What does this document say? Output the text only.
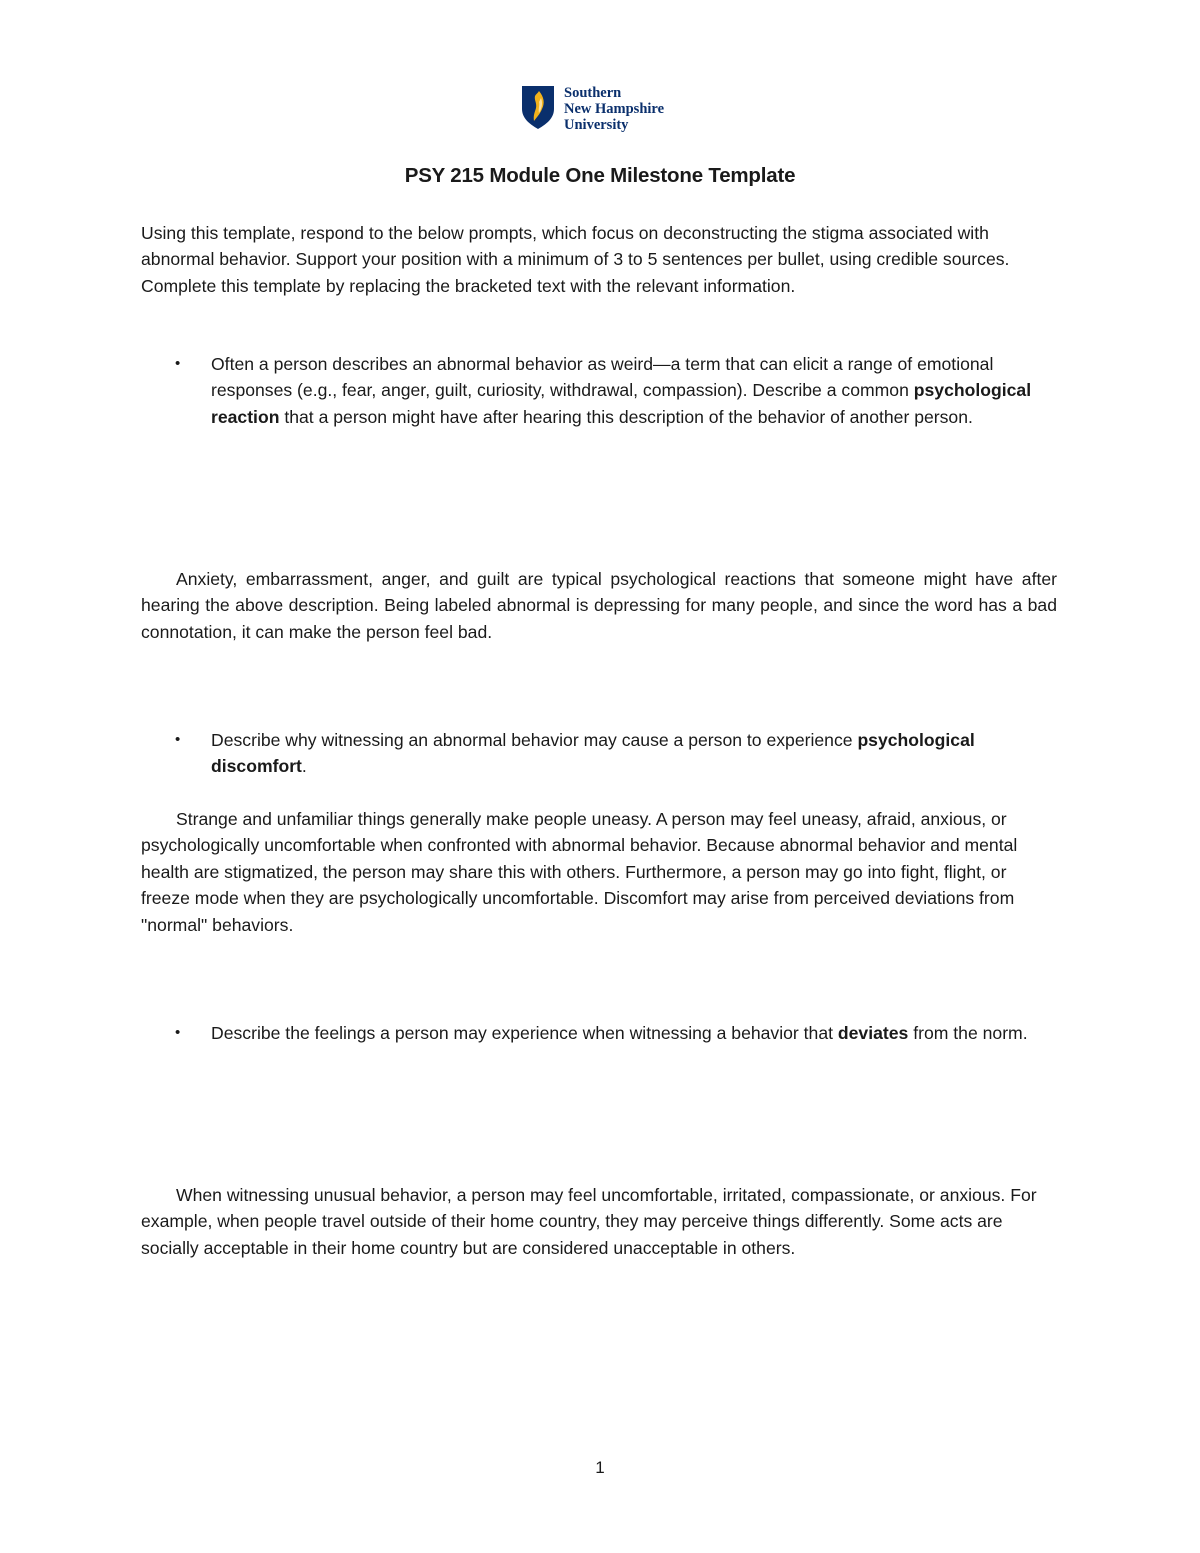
Southern
New Hampshire
University
PSY 215 Module One Milestone Template

Using this template, respond to the below prompts, which focus on deconstructing the stigma associated with abnormal behavior. Support your position with a minimum of 3 to 5 sentences per bullet, using credible sources. Complete this template by replacing the bracketed text with the relevant information.

•	Often a person describes an abnormal behavior as weird—a term that can elicit a range of emotional responses (e.g., fear, anger, guilt, curiosity, withdrawal, compassion). Describe a common psychological reaction that a person might have after hearing this description of the behavior of another person.

Anxiety, embarrassment, anger, and guilt are typical psychological reactions that someone might have after hearing the above description. Being labeled abnormal is depressing for many people, and since the word has a bad connotation, it can make the person feel bad.

•	Describe why witnessing an abnormal behavior may cause a person to experience psychological discomfort.

Strange and unfamiliar things generally make people uneasy. A person may feel uneasy, afraid, anxious, or psychologically uncomfortable when confronted with abnormal behavior. Because abnormal behavior and mental health are stigmatized, the person may share this with others. Furthermore, a person may go into fight, flight, or freeze mode when they are psychologically uncomfortable. Discomfort may arise from perceived deviations from "normal" behaviors.

•	Describe the feelings a person may experience when witnessing a behavior that deviates from the norm.

When witnessing unusual behavior, a person may feel uncomfortable, irritated, compassionate, or anxious. For example, when people travel outside of their home country, they may perceive things differently. Some acts are socially acceptable in their home country but are considered unacceptable in others.

1
